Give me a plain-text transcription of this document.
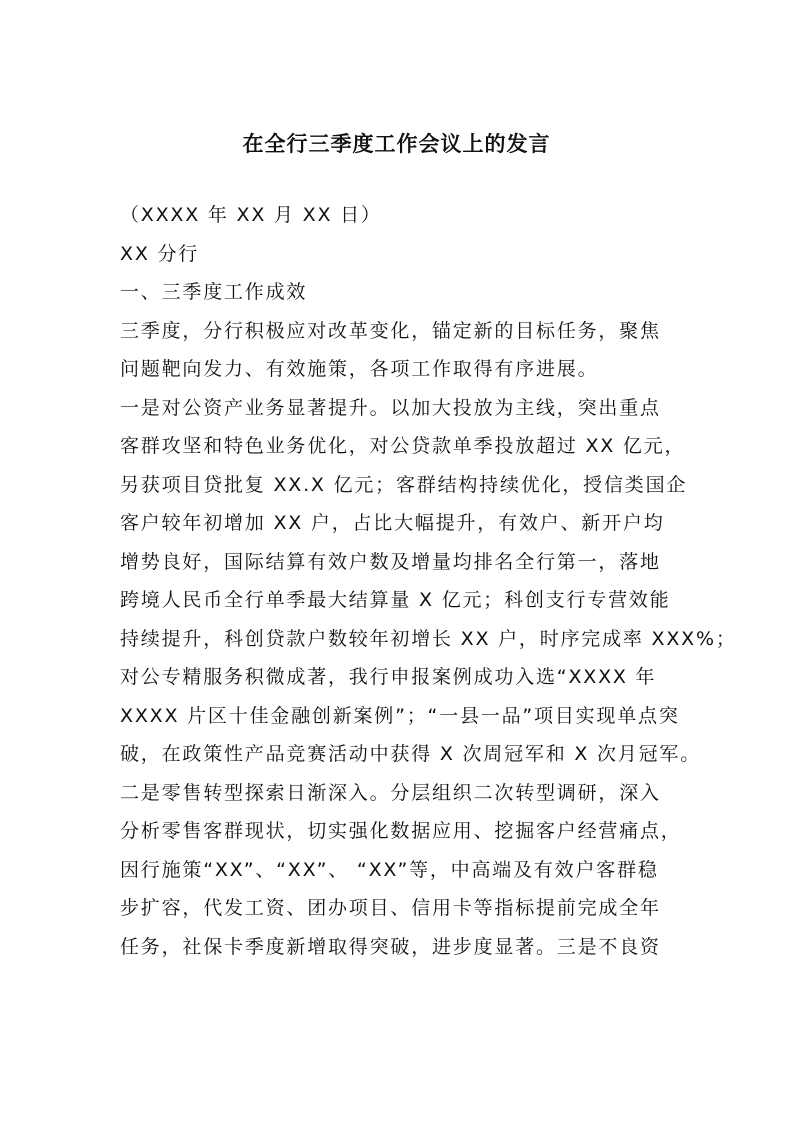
在全行三季度工作会议上的发言
（XXXX 年 XX 月 XX 日）
XX 分行
一、三季度工作成效
三季度，分行积极应对改革变化，锚定新的目标任务，聚焦
问题靶向发力、有效施策，各项工作取得有序进展。
一是对公资产业务显著提升。以加大投放为主线，突出重点
客群攻坚和特色业务优化，对公贷款单季投放超过 XX 亿元，
另获项目贷批复 XX.X 亿元；客群结构持续优化，授信类国企
客户较年初增加 XX 户，占比大幅提升，有效户、新开户均
增势良好，国际结算有效户数及增量均排名全行第一，落地
跨境人民币全行单季最大结算量 X 亿元；科创支行专营效能
持续提升，科创贷款户数较年初增长 XX 户，时序完成率 XXX%；
对公专精服务积微成著，我行申报案例成功入选“XXXX 年
XXXX 片区十佳金融创新案例”；“一县一品”项目实现单点突
破，在政策性产品竞赛活动中获得 X 次周冠军和 X 次月冠军。
二是零售转型探索日渐深入。分层组织二次转型调研，深入
分析零售客群现状，切实强化数据应用、挖掘客户经营痛点，
因行施策“XX”、“XX”、 “XX”等，中高端及有效户客群稳
步扩容，代发工资、团办项目、信用卡等指标提前完成全年
任务，社保卡季度新增取得突破，进步度显著。三是不良资
